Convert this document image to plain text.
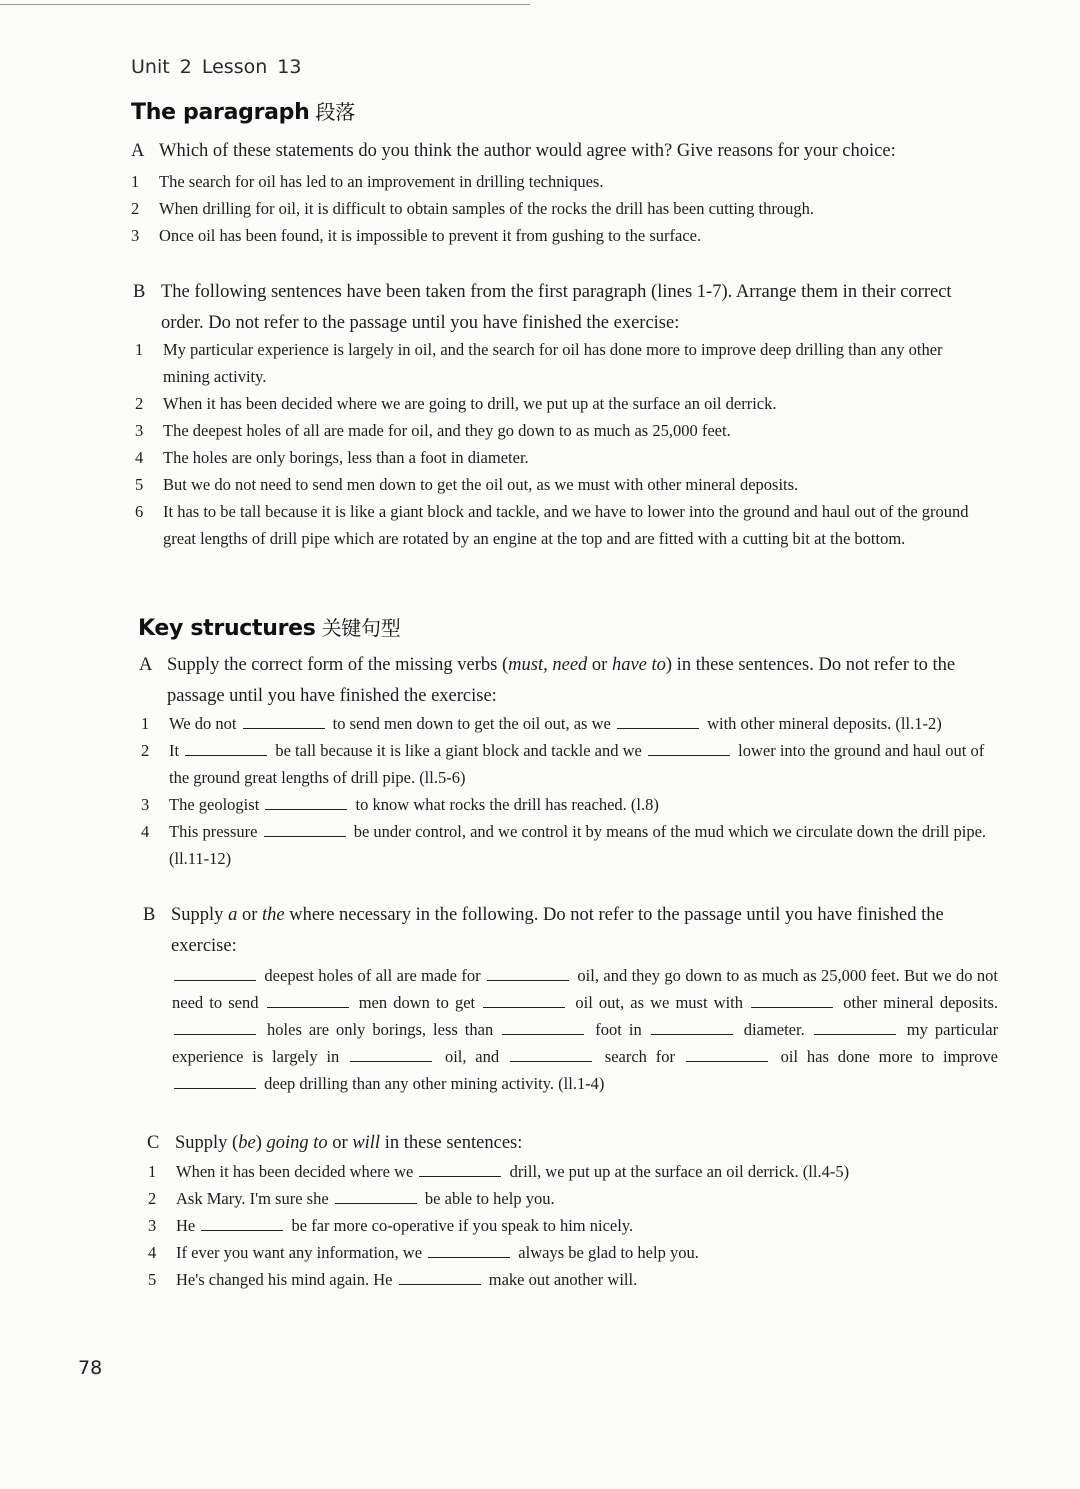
Unit 2 Lesson 13
The paragraph 段落
A Which of these statements do you think the author would agree with? Give reasons for your choice:
1 The search for oil has led to an improvement in drilling techniques.
2 When drilling for oil, it is difficult to obtain samples of the rocks the drill has been cutting through.
3 Once oil has been found, it is impossible to prevent it from gushing to the surface.
B The following sentences have been taken from the first paragraph (lines 1-7). Arrange them in their correct order. Do not refer to the passage until you have finished the exercise:
1 My particular experience is largely in oil, and the search for oil has done more to improve deep drilling than any other mining activity.
2 When it has been decided where we are going to drill, we put up at the surface an oil derrick.
3 The deepest holes of all are made for oil, and they go down to as much as 25,000 feet.
4 The holes are only borings, less than a foot in diameter.
5 But we do not need to send men down to get the oil out, as we must with other mineral deposits.
6 It has to be tall because it is like a giant block and tackle, and we have to lower into the ground and haul out of the ground great lengths of drill pipe which are rotated by an engine at the top and are fitted with a cutting bit at the bottom.
Key structures 关键句型
A Supply the correct form of the missing verbs (must, need or have to) in these sentences. Do not refer to the passage until you have finished the exercise:
1 We do not	to send men down to get the oil out, as we	with other mineral deposits. (ll.1-2)
2 It	be tall because it is like a giant block and tackle and we	lower into the ground and haul out of the ground great lengths of drill pipe. (ll.5-6)
3 The geologist	to know what rocks the drill has reached. (l.8)
4 This pressure	be under control, and we control it by means of the mud which we circulate down the drill pipe. (ll.11-12)
B Supply a or the where necessary in the following. Do not refer to the passage until you have finished the exercise:
deepest holes of all are made for	oil, and they go down to as much as 25,000 feet. But we do not need to send	men down to get	oil out, as we must with	other mineral deposits.  holes are only borings, less than	foot in	diameter.	my particular experience is largely in	oil, and	search for	oil has done more to improve  deep drilling than any other mining activity. (ll.1-4)
C Supply (be) going to or will in these sentences:
1 When it has been decided where we	drill, we put up at the surface an oil derrick. (ll.4-5)
2 Ask Mary. I'm sure she	be able to help you.
3 He	be far more co-operative if you speak to him nicely.
4 If ever you want any information, we	always be glad to help you.
5 He's changed his mind again. He	make out another will.
78
